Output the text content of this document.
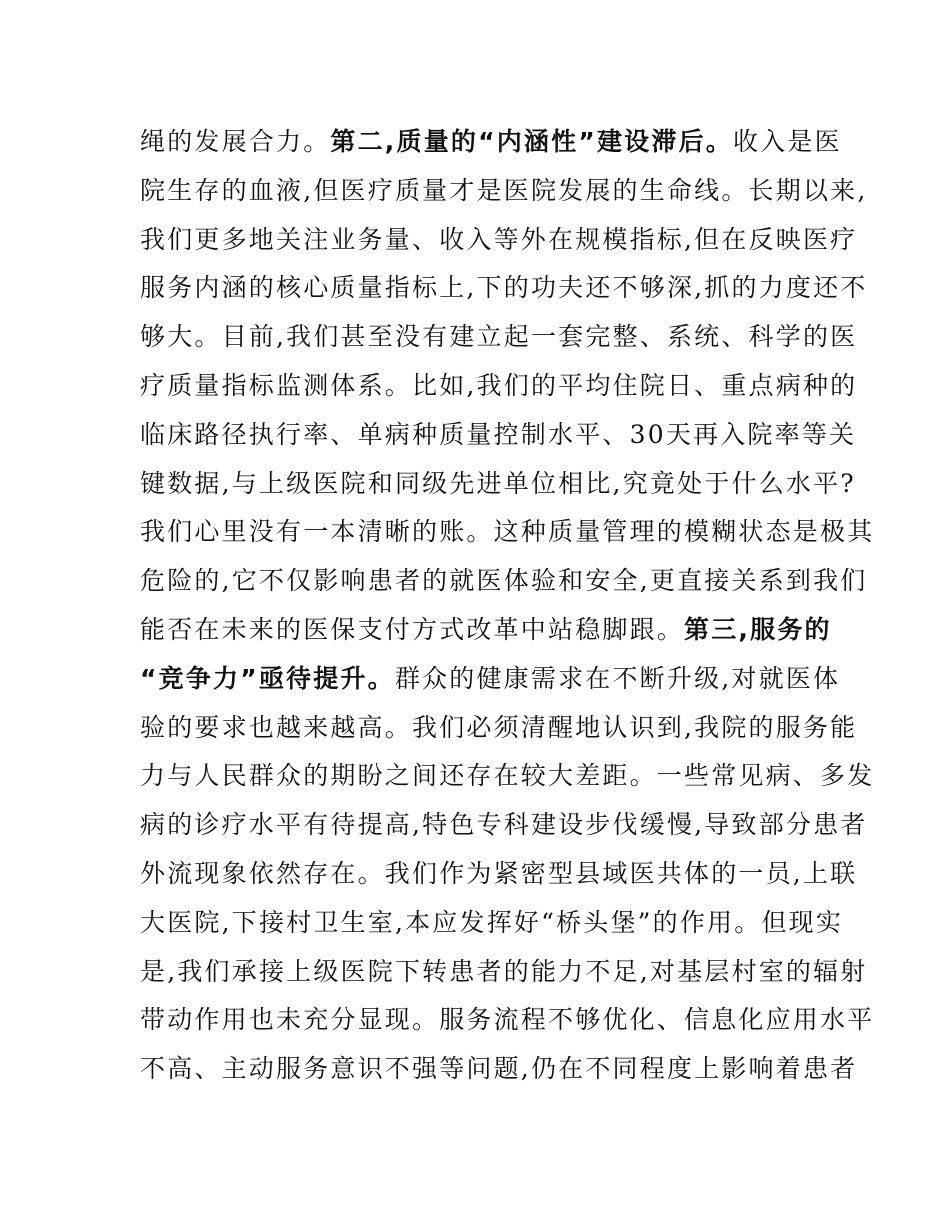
绳的发展合力。第二,质量的“内涵性”建设滞后。收入是医
院生存的血液,但医疗质量才是医院发展的生命线。长期以来,
我们更多地关注业务量、收入等外在规模指标,但在反映医疗
服务内涵的核心质量指标上,下的功夫还不够深,抓的力度还不
够大。目前,我们甚至没有建立起一套完整、系统、科学的医
疗质量指标监测体系。比如,我们的平均住院日、重点病种的
临床路径执行率、单病种质量控制水平、30天再入院率等关
键数据,与上级医院和同级先进单位相比,究竟处于什么水平?
我们心里没有一本清晰的账。这种质量管理的模糊状态是极其
危险的,它不仅影响患者的就医体验和安全,更直接关系到我们
能否在未来的医保支付方式改革中站稳脚跟。第三,服务的
“竞争力”亟待提升。群众的健康需求在不断升级,对就医体
验的要求也越来越高。我们必须清醒地认识到,我院的服务能
力与人民群众的期盼之间还存在较大差距。一些常见病、多发
病的诊疗水平有待提高,特色专科建设步伐缓慢,导致部分患者
外流现象依然存在。我们作为紧密型县域医共体的一员,上联
大医院,下接村卫生室,本应发挥好“桥头堡”的作用。但现实
是,我们承接上级医院下转患者的能力不足,对基层村室的辐射
带动作用也未充分显现。服务流程不够优化、信息化应用水平
不高、主动服务意识不强等问题,仍在不同程度上影响着患者
